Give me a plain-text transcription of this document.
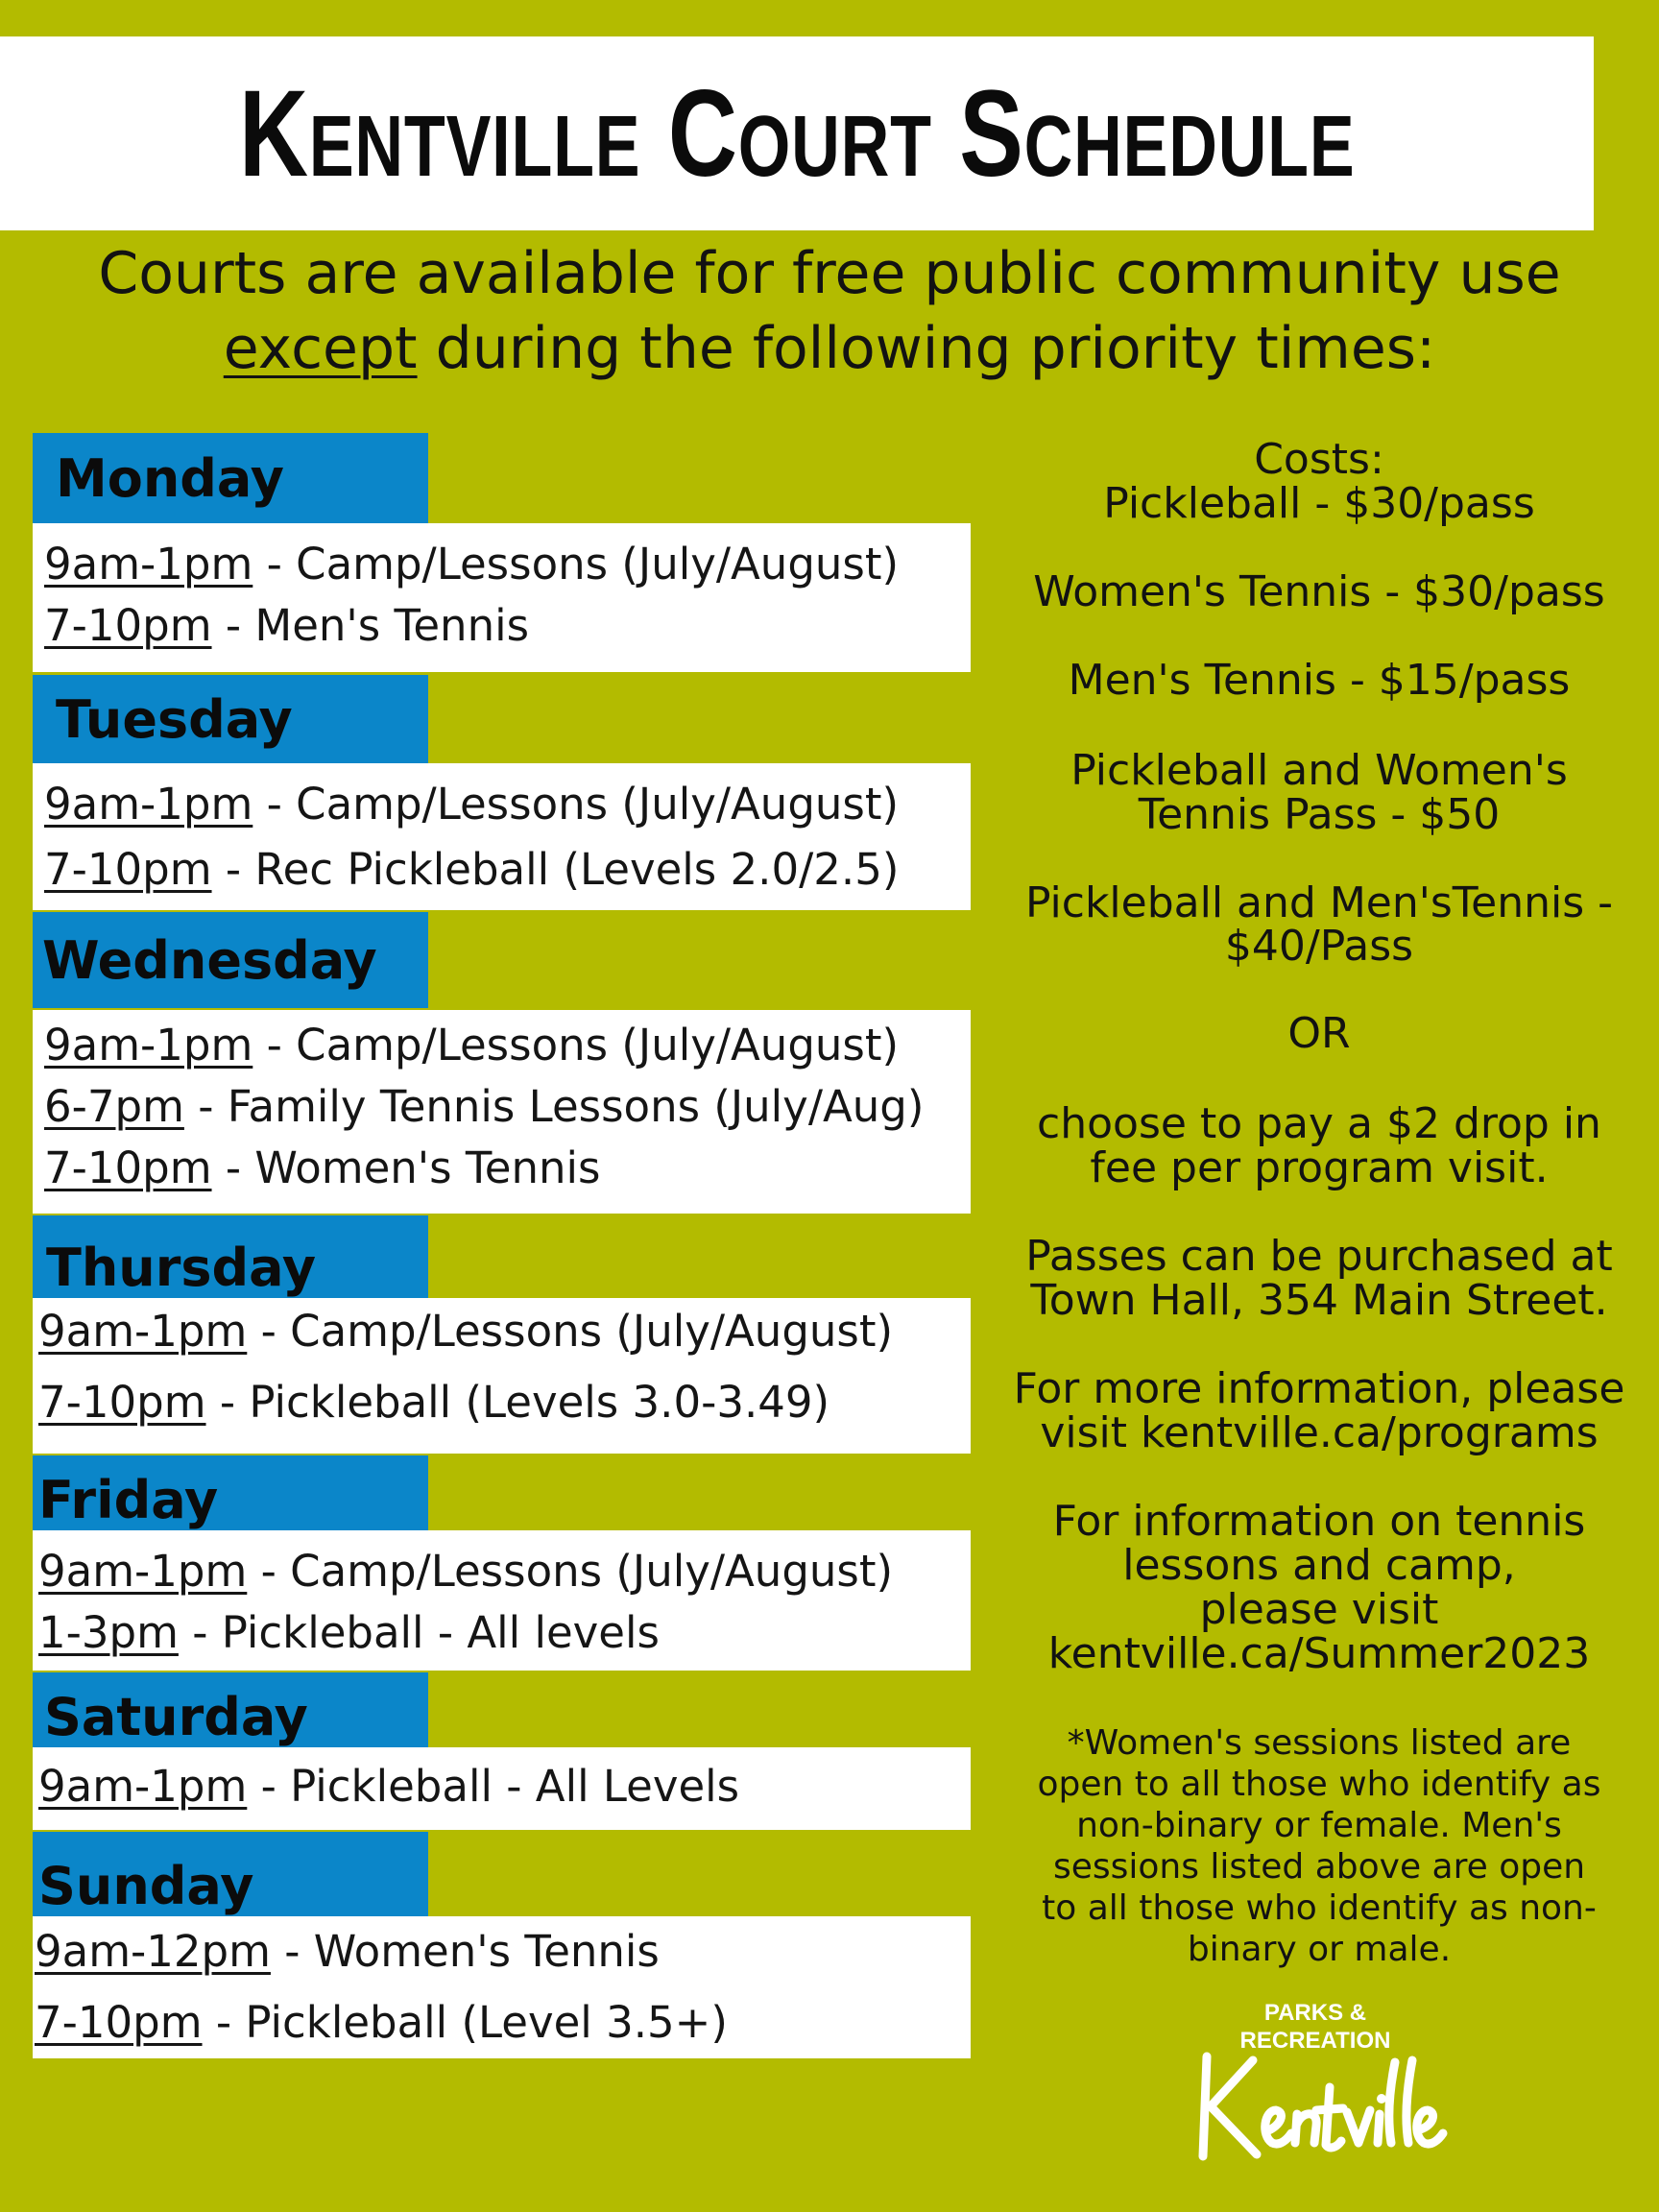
Kentville Court Schedule
Courts are available for free public community use
except during the following priority times:
Monday
9am-1pm - Camp/Lessons (July/August)
7-10pm - Men's Tennis
Tuesday
9am-1pm - Camp/Lessons (July/August)
7-10pm - Rec Pickleball (Levels 2.0/2.5)
Wednesday
9am-1pm - Camp/Lessons (July/August)
6-7pm - Family Tennis Lessons (July/Aug)
7-10pm - Women's Tennis
Thursday
9am-1pm - Camp/Lessons (July/August)
7-10pm - Pickleball (Levels 3.0-3.49)
Friday
9am-1pm - Camp/Lessons (July/August)
1-3pm - Pickleball - All levels
Saturday
9am-1pm - Pickleball - All Levels
Sunday
9am-12pm - Women's Tennis
7-10pm - Pickleball (Level 3.5+)
Costs:
Pickleball - $30/pass
Women's Tennis - $30/pass
Men's Tennis - $15/pass
Pickleball and Women's
Tennis Pass - $50
Pickleball and Men'sTennis -
$40/Pass
OR
choose to pay a $2 drop in
fee per program visit.
Passes can be purchased at
Town Hall, 354 Main Street.
For more information, please
visit kentville.ca/programs
For information on tennis
lessons and camp,
please visit
kentville.ca/Summer2023
*Women's sessions listed are
open to all those who identify as
non-binary or female. Men's
sessions listed above are open
to all those who identify as non-
binary or male.
PARKS &
RECREATION
